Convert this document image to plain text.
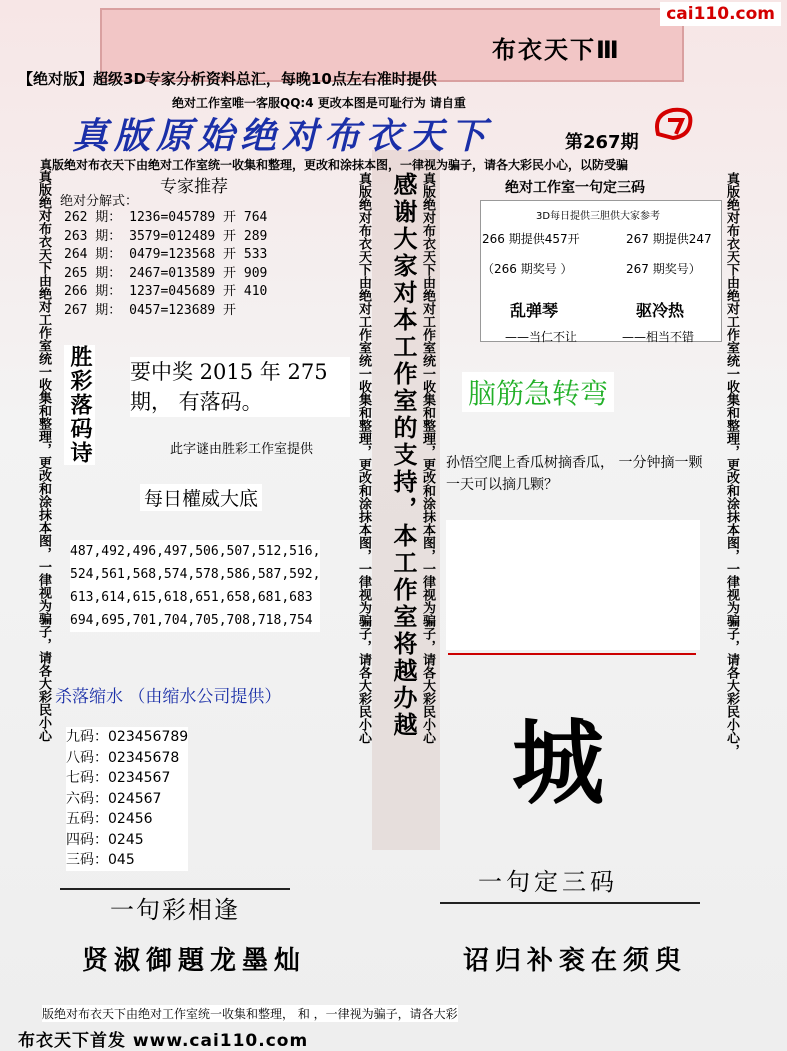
cai110.com
布衣天下Ⅲ
【绝对版】超级3D专家分析资料总汇，每晚10点左右准时提供
绝对工作室唯一客服QQ:4 更改本图是可耻行为 请自重
真版原始绝对布衣天下	第267期
真版绝对布衣天下由绝对工作室统一收集和整理，更改和涂抹本图，一律视为骗子，请各大彩民小心，以防受骗
真版绝对布衣天下由绝对工作室统一收集和整理，更改和涂抹本图，一律视为骗子，请各大彩民小心	真版绝对布衣天下由绝对工作室统一收集和整理，更改和涂抹本图，一律视为骗子，请各大彩民小心	真版绝对布衣天下由绝对工作室统一收集和整理，更改和涂抹本图，一律视为骗子，请各大彩民小心	真版绝对布衣天下由绝对工作室统一收集和整理，更改和涂抹本图，一律视为骗子，请各大彩民小心，
专家推荐
绝对分解式：
262 期： 1236=045789 开 764
263 期： 3579=012489 开 289
264 期： 0479=123568 开 533
265 期： 2467=013589 开 909
266 期： 1237=045689 开 410
267 期： 0457=123689 开
胜彩落码诗 要中奖 2015 年 275 期， 有落码。
此字谜由胜彩工作室提供
每日權威大底
487,492,496,497,506,507,512,516,
524,561,568,574,578,586,587,592,
613,614,615,618,651,658,681,683
694,695,701,704,705,708,718,754
杀落缩水 （由缩水公司提供）
九码：023456789
八码：02345678
七码：0234567
六码：024567
五码：02456
四码：0245
三码：045
一句彩相逢
贤淑御題龙墨灿
感谢大家对本工作室的支持，本工作室将越办越	绝对工作室一句定三码
3D每日提供三胆供大家参考
266 期提供457开	267 期提供247
（266 期奖号 ）	267 期奖号）
乱弹琴	驱冷热
——当仁不让	——相当不错
脑筋急转弯
孙悟空爬上香瓜树摘香瓜， 一分钟摘一颗一天可以摘几颗？
城
一句定三码
诏归补衮在须臾
版绝对布衣天下由绝对工作室统一收集和整理， 和 ，一律视为骗子，请各大彩
布衣天下首发 www.cai110.com
